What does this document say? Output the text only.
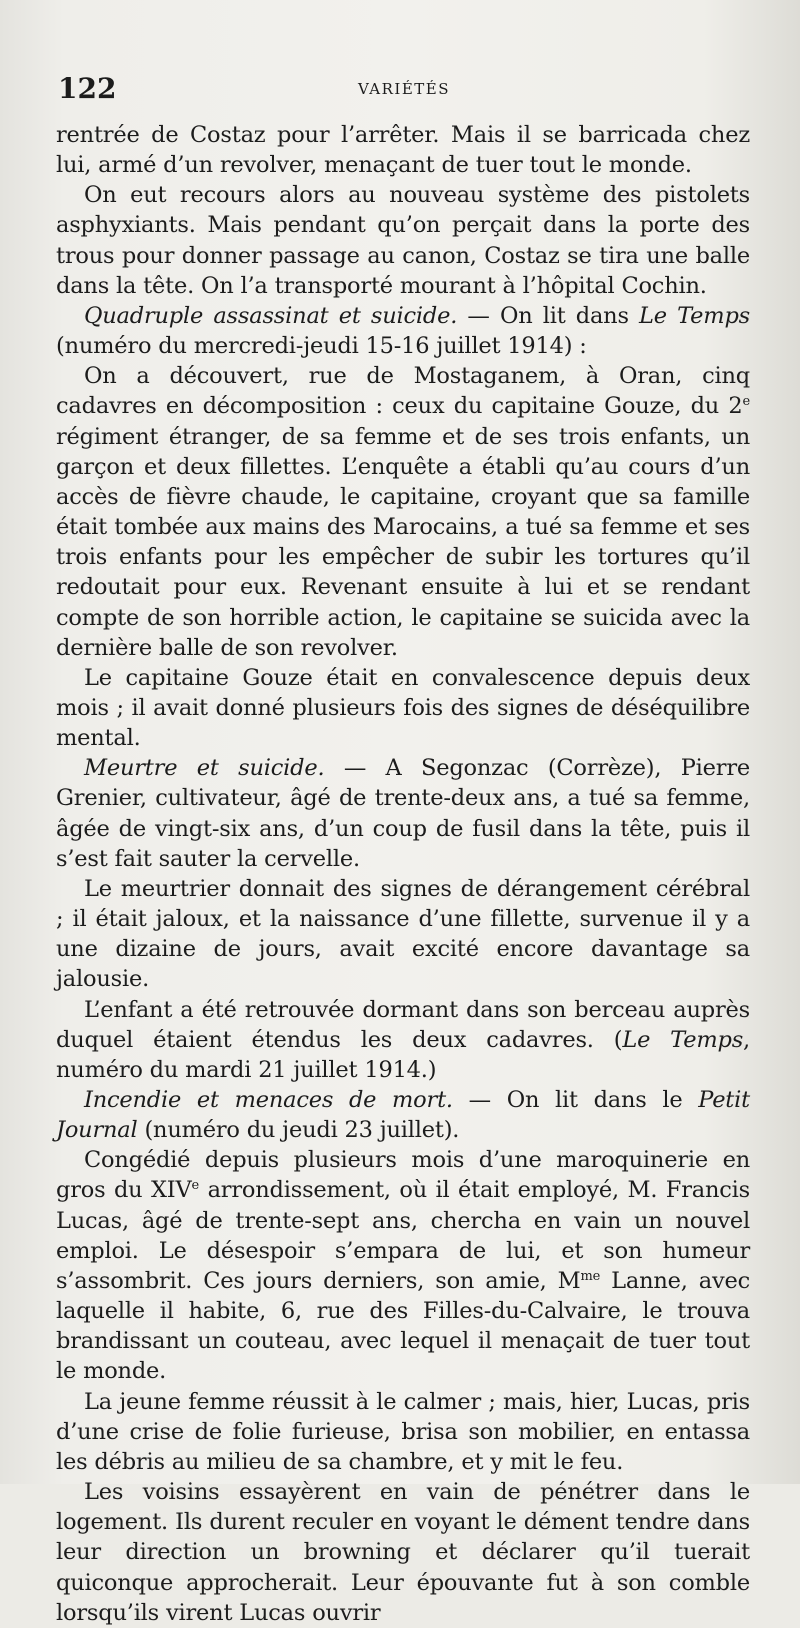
122	VARIÉTÉS

rentrée de Costaz pour l’arrêter. Mais il se barricada chez lui, armé d’un revolver, menaçant de tuer tout le monde.

On eut recours alors au nouveau système des pistolets asphyxiants. Mais pendant qu’on perçait dans la porte des trous pour donner passage au canon, Costaz se tira une balle dans la tête. On l’a transporté mourant à l’hôpital Cochin.

Quadruple assassinat et suicide. — On lit dans Le Temps (numéro du mercredi-jeudi 15-16 juillet 1914) :

On a découvert, rue de Mostaganem, à Oran, cinq cadavres en décomposition : ceux du capitaine Gouze, du 2e régiment étranger, de sa femme et de ses trois enfants, un garçon et deux fillettes. L’enquête a établi qu’au cours d’un accès de fièvre chaude, le capitaine, croyant que sa famille était tombée aux mains des Marocains, a tué sa femme et ses trois enfants pour les empêcher de subir les tortures qu’il redoutait pour eux. Revenant ensuite à lui et se rendant compte de son horrible action, le capitaine se suicida avec la dernière balle de son revolver.

Le capitaine Gouze était en convalescence depuis deux mois ; il avait donné plusieurs fois des signes de déséquilibre mental.

Meurtre et suicide. — A Segonzac (Corrèze), Pierre Grenier, cultivateur, âgé de trente-deux ans, a tué sa femme, âgée de vingt-six ans, d’un coup de fusil dans la tête, puis il s’est fait sauter la cervelle.

Le meurtrier donnait des signes de dérangement cérébral ; il était jaloux, et la naissance d’une fillette, survenue il y a une dizaine de jours, avait excité encore davantage sa jalousie.

L’enfant a été retrouvée dormant dans son berceau auprès duquel étaient étendus les deux cadavres. (Le Temps, numéro du mardi 21 juillet 1914.)

Incendie et menaces de mort. — On lit dans le Petit Journal (numéro du jeudi 23 juillet).

Congédié depuis plusieurs mois d’une maroquinerie en gros du XIVe arrondissement, où il était employé, M. Francis Lucas, âgé de trente-sept ans, chercha en vain un nouvel emploi. Le désespoir s’empara de lui, et son humeur s’assombrit. Ces jours derniers, son amie, $M^{me}$ Lanne, avec laquelle il habite, 6, rue des Filles-du-Calvaire, le trouva brandissant un couteau, avec lequel il menaçait de tuer tout le monde.

La jeune femme réussit à le calmer ; mais, hier, Lucas, pris d’une crise de folie furieuse, brisa son mobilier, en entassa les débris au milieu de sa chambre, et y mit le feu.

Les voisins essayèrent en vain de pénétrer dans le logement. Ils durent reculer en voyant le dément tendre dans leur direction un browning et déclarer qu’il tuerait quiconque approcherait. Leur épouvante fut à son comble lorsqu’ils virent Lucas ouvrir
